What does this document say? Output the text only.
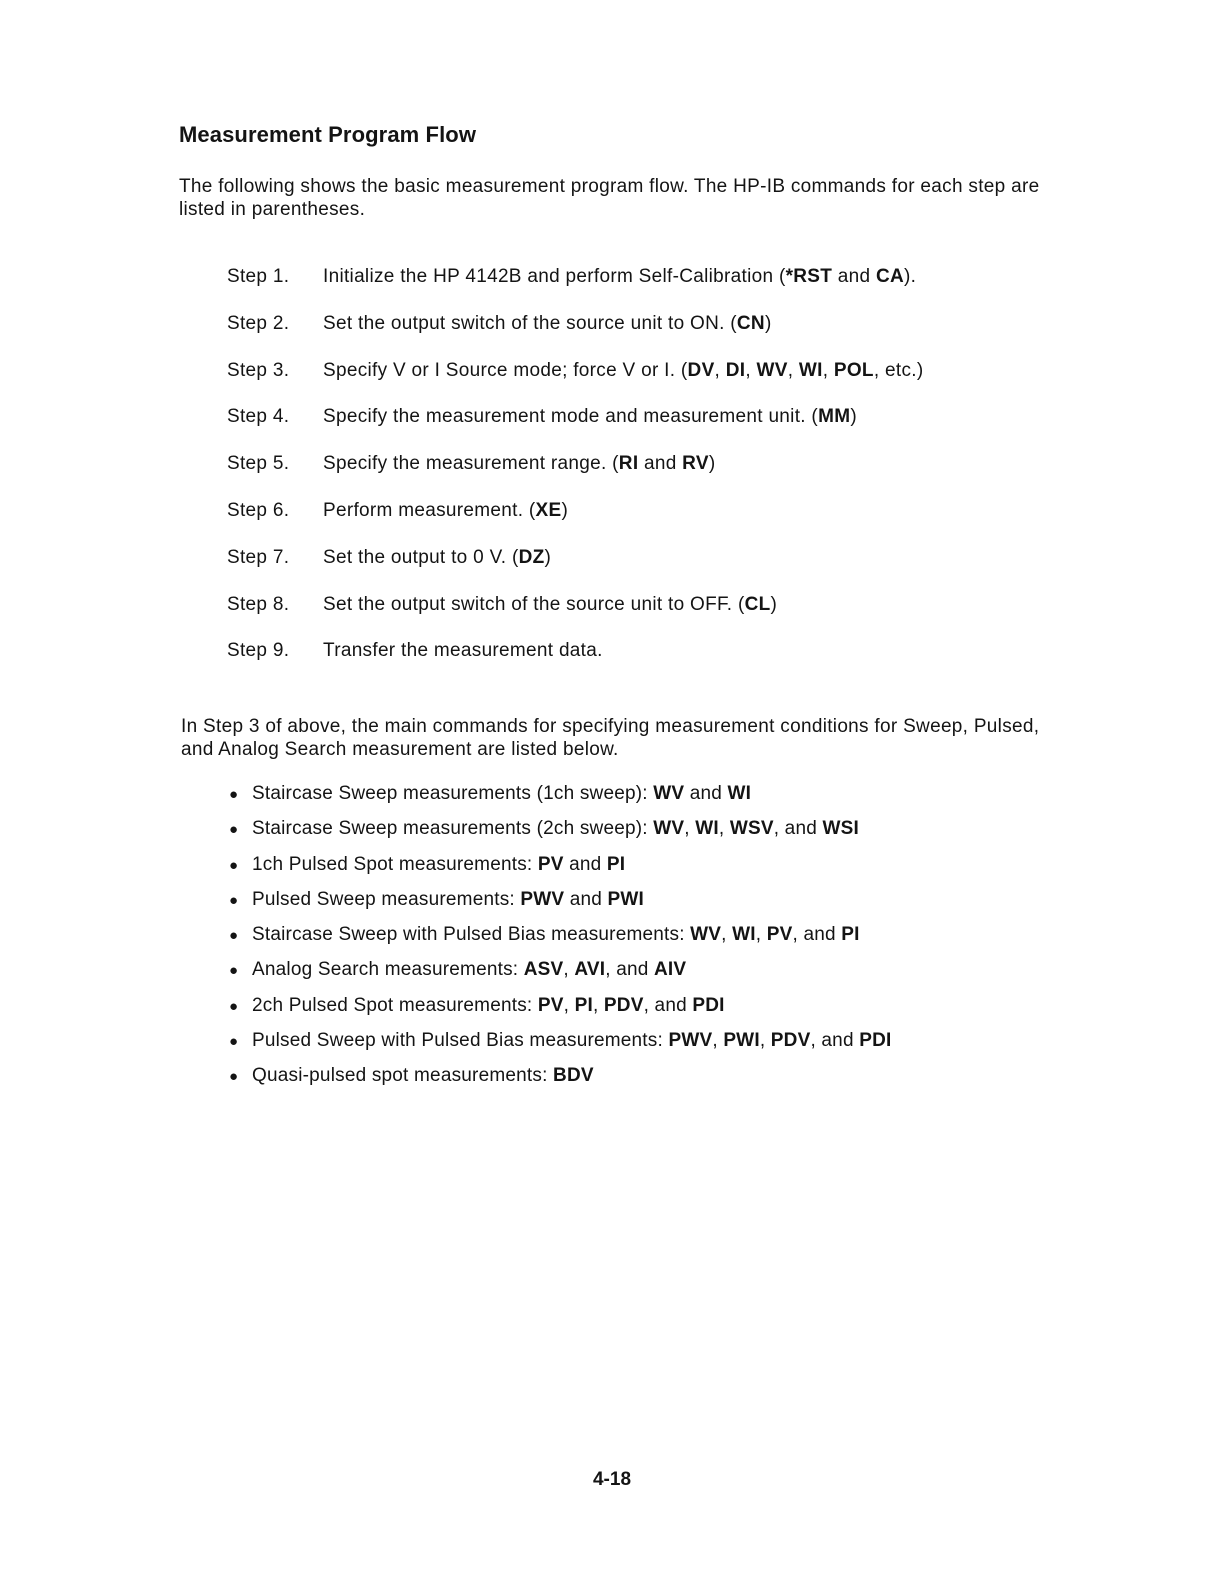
Measurement Program Flow

The following shows the basic measurement program flow. The HP-IB commands for each step are listed in parentheses.

Step 1.	Initialize the HP 4142B and perform Self-Calibration (*RST and CA).
Step 2.	Set the output switch of the source unit to ON. (CN)
Step 3.	Specify V or I Source mode; force V or I. (DV, DI, WV, WI, POL, etc.)
Step 4.	Specify the measurement mode and measurement unit. (MM)
Step 5.	Specify the measurement range. (RI and RV)
Step 6.	Perform measurement. (XE)
Step 7.	Set the output to 0 V. (DZ)
Step 8.	Set the output switch of the source unit to OFF. (CL)
Step 9.	Transfer the measurement data.

In Step 3 of above, the main commands for specifying measurement conditions for Sweep, Pulsed, and Analog Search measurement are listed below.

● Staircase Sweep measurements (1ch sweep): WV and WI
● Staircase Sweep measurements (2ch sweep): WV, WI, WSV, and WSI
● 1ch Pulsed Spot measurements: PV and PI
● Pulsed Sweep measurements: PWV and PWI
● Staircase Sweep with Pulsed Bias measurements: WV, WI, PV, and PI
● Analog Search measurements: ASV, AVI, and AIV
● 2ch Pulsed Spot measurements: PV, PI, PDV, and PDI
● Pulsed Sweep with Pulsed Bias measurements: PWV, PWI, PDV, and PDI
● Quasi-pulsed spot measurements: BDV
4-18
